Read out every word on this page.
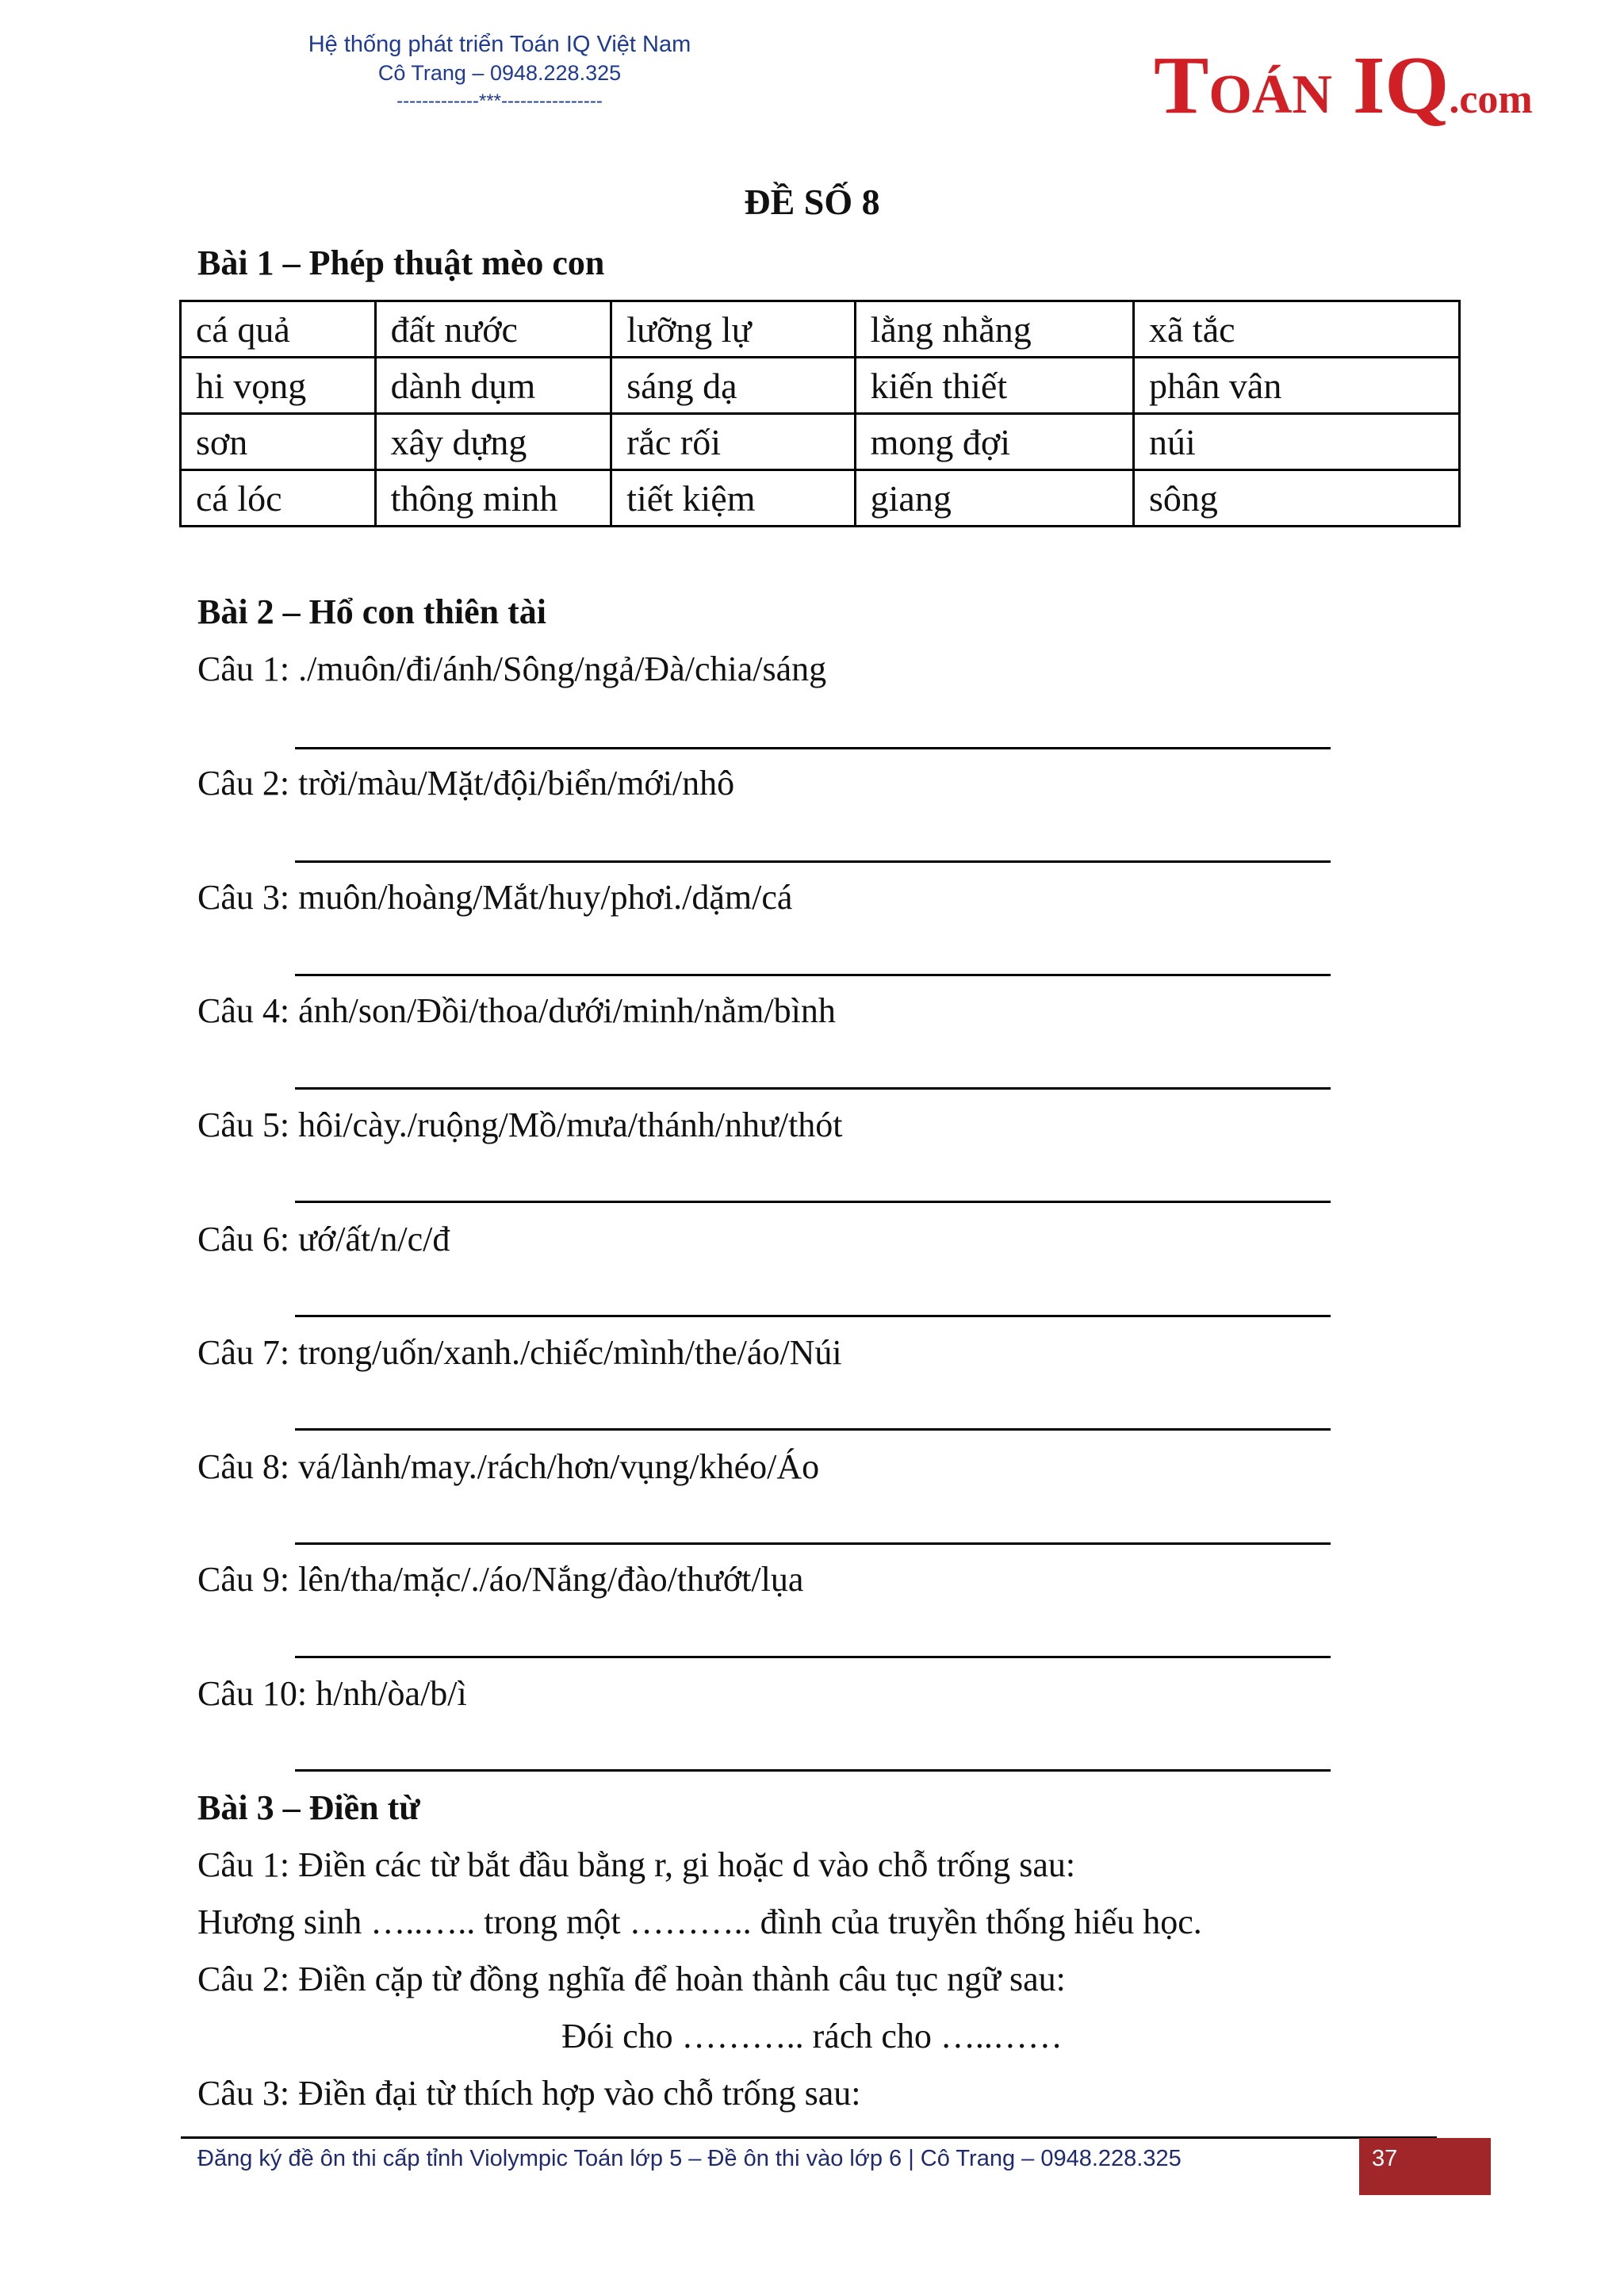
Hệ thống phát triển Toán IQ Việt Nam
Cô Trang – 0948.228.325
-------------***----------------	TOÁN IQ.com
ĐỀ SỐ 8
Bài 1 – Phép thuật mèo con
cá quả	đất nước	lưỡng lự	lằng nhằng	xã tắc
hi vọng	dành dụm	sáng dạ	kiến thiết	phân vân
sơn	xây dựng	rắc rối	mong đợi	núi
cá lóc	thông minh	tiết kiệm	giang	sông
Bài 2 – Hổ con thiên tài
Câu 1: ./muôn/đi/ánh/Sông/ngả/Đà/chia/sáng
Câu 2: trời/màu/Mặt/đội/biển/mới/nhô
Câu 3: muôn/hoàng/Mắt/huy/phơi./dặm/cá
Câu 4: ánh/son/Đồi/thoa/dưới/minh/nằm/bình
Câu 5: hôi/cày./ruộng/Mồ/mưa/thánh/như/thót
Câu 6: ướ/ất/n/c/đ
Câu 7: trong/uốn/xanh./chiếc/mình/the/áo/Núi
Câu 8: vá/lành/may./rách/hơn/vụng/khéo/Áo
Câu 9: lên/tha/mặc/./áo/Nắng/đào/thướt/lụa
Câu 10: h/nh/òa/b/ì
Bài 3 – Điền từ
Câu 1: Điền các từ bắt đầu bằng r, gi hoặc d vào chỗ trống sau:
Hương sinh …..….. trong một ……….. đình của truyền thống hiếu học.
Câu 2: Điền cặp từ đồng nghĩa để hoàn thành câu tục ngữ sau:
Đói cho ……….. rách cho …..……
Câu 3: Điền đại từ thích hợp vào chỗ trống sau:
Đăng ký đề ôn thi cấp tỉnh Violympic Toán lớp 5 – Đề ôn thi vào lớp 6 | Cô Trang – 0948.228.325	37
